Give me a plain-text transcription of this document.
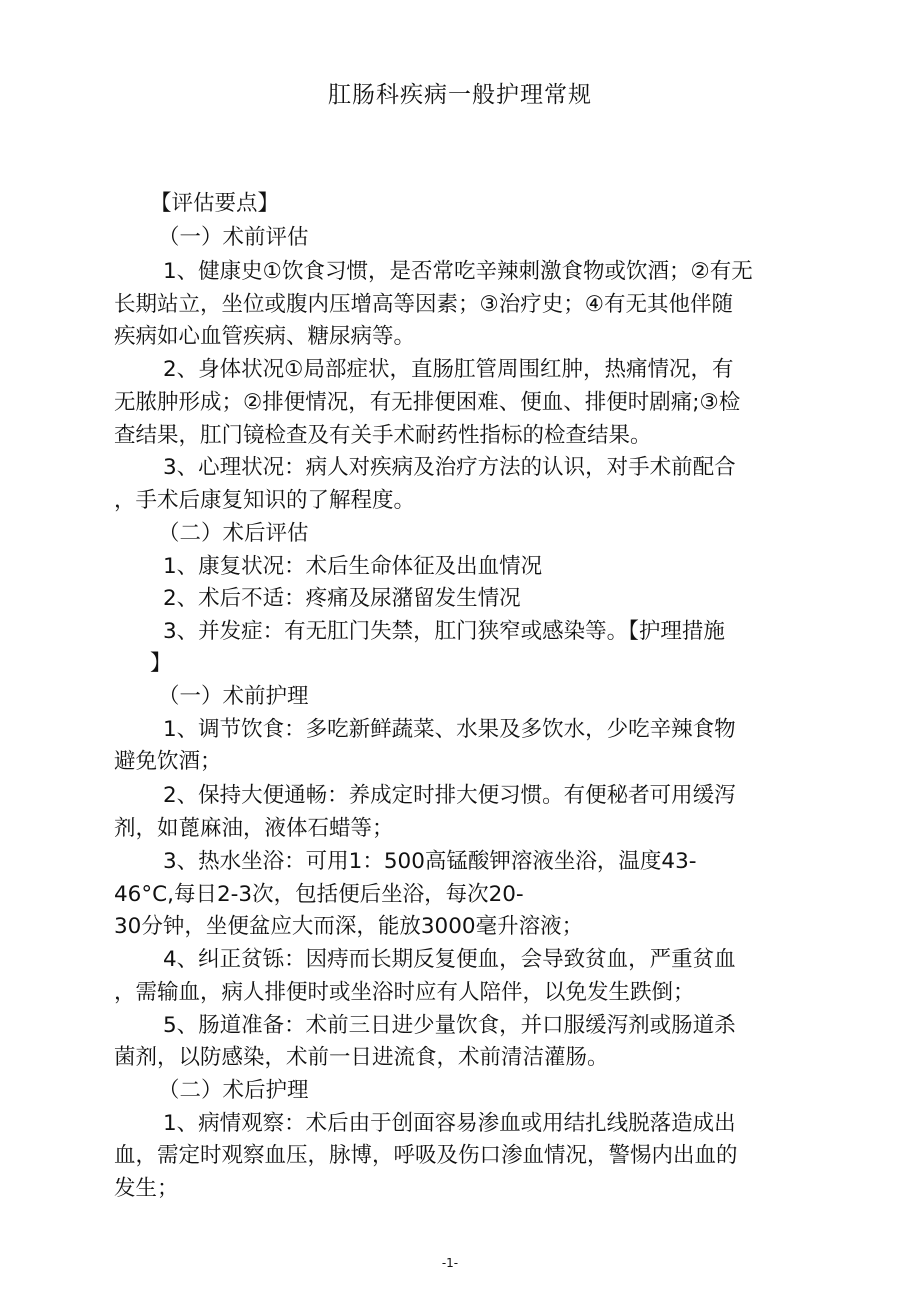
肛肠科疾病一般护理常规
【评估要点】
（一）术前评估
1、健康史①饮食习惯，是否常吃辛辣刺激食物或饮酒；②有无
长期站立，坐位或腹内压增高等因素；③治疗史；④有无其他伴随
疾病如心血管疾病、糖尿病等。
2、身体状况①局部症状，直肠肛管周围红肿，热痛情况，有
无脓肿形成；②排便情况，有无排便困难、便血、排便时剧痛;③检
查结果，肛门镜检查及有关手术耐药性指标的检查结果。
3、心理状况：病人对疾病及治疗方法的认识，对手术前配合
，手术后康复知识的了解程度。
（二）术后评估
1、康复状况：术后生命体征及出血情况
2、术后不适：疼痛及尿潴留发生情况
3、并发症：有无肛门失禁，肛门狭窄或感染等。【护理措施
】
（一）术前护理
1、调节饮食：多吃新鲜蔬菜、水果及多饮水，少吃辛辣食物
避免饮酒；
2、保持大便通畅：养成定时排大便习惯。有便秘者可用缓泻
剂，如蓖麻油，液体石蜡等；
3、热水坐浴：可用1：500高锰酸钾溶液坐浴，温度43-
46°C,每日2-3次，包括便后坐浴，每次20-
30分钟，坐便盆应大而深，能放3000毫升溶液；
4、纠正贫铄：因痔而长期反复便血，会导致贫血，严重贫血
，需输血，病人排便时或坐浴时应有人陪伴，以免发生跌倒；
5、肠道准备：术前三日进少量饮食，并口服缓泻剂或肠道杀
菌剂，以防感染，术前一日进流食，术前清洁灌肠。
（二）术后护理
1、病情观察：术后由于创面容易渗血或用结扎线脱落造成出
血，需定时观察血压，脉博，呼吸及伤口渗血情况，警惕内出血的
发生；
-1-
